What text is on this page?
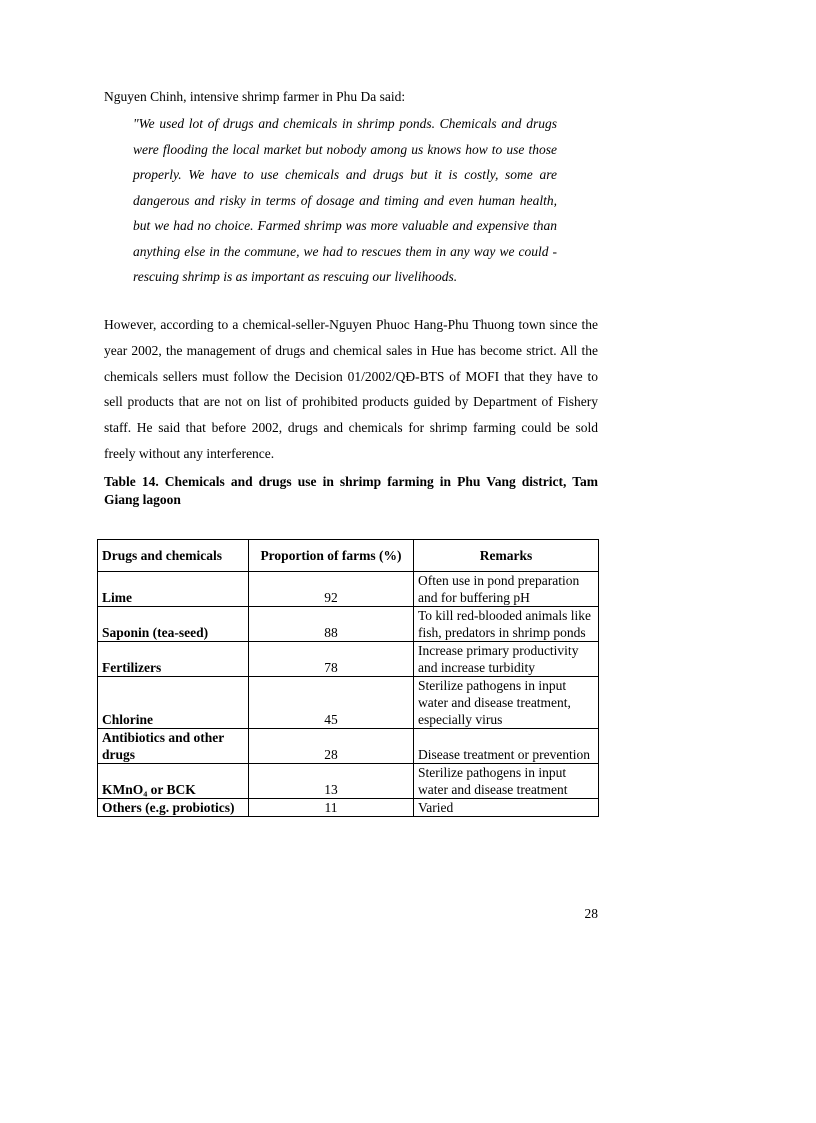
Nguyen Chinh, intensive shrimp farmer in Phu Da said:

"We used lot of drugs and chemicals in shrimp ponds. Chemicals and drugs were flooding the local market but nobody among us knows how to use those properly. We have to use chemicals and drugs but it is costly, some are dangerous and risky in terms of dosage and timing and even human health, but we had no choice. Farmed shrimp was more valuable and expensive than anything else in the commune, we had to rescues them in any way we could - rescuing shrimp is as important as rescuing our livelihoods.

However, according to a chemical-seller-Nguyen Phuoc Hang-Phu Thuong town since the year 2002, the management of drugs and chemical sales in Hue has become strict. All the chemicals sellers must follow the Decision 01/2002/QĐ-BTS of MOFI that they have to sell products that are not on list of prohibited products guided by Department of Fishery staff. He said that before 2002, drugs and chemicals for shrimp farming could be sold freely without any interference.

Table 14. Chemicals and drugs use in shrimp farming in Phu Vang district, Tam Giang lagoon

Drugs and chemicals	Proportion of farms (%)	Remarks
Lime	92	Often use in pond preparation and for buffering pH
Saponin (tea-seed)	88	To kill red-blooded animals like fish, predators in shrimp ponds
Fertilizers	78	Increase primary productivity and increase turbidity
Chlorine	45	Sterilize pathogens in input water and disease treatment, especially virus
Antibiotics and other drugs	28	Disease treatment or prevention
KMnO₄ or BCK	13	Sterilize pathogens in input water and disease treatment
Others (e.g. probiotics)	11	Varied
28
